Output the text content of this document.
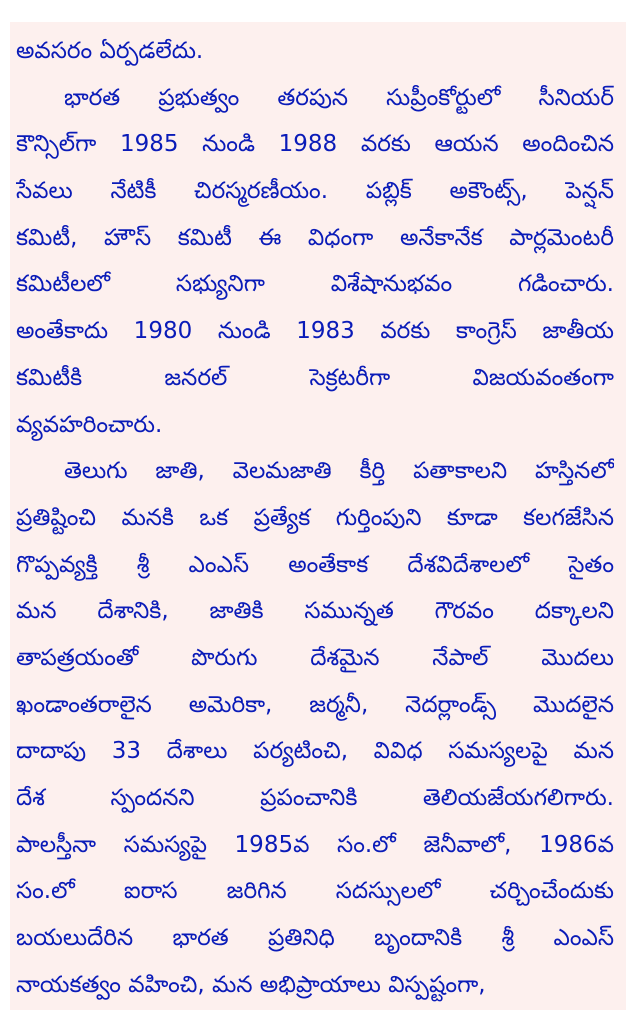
అవసరం ఏర్పడలేదు.
భారత ప్రభుత్వం తరపున సుప్రీంకోర్టులో సీనియర్
కౌన్సిల్‌గా 1985 నుండి 1988 వరకు ఆయన అందించిన
సేవలు నేటికీ చిరస్మరణీయం. పబ్లిక్ అకౌంట్స్, పెన్షన్
కమిటీ, హౌస్ కమిటీ ఈ విధంగా అనేకానేక పార్లమెంటరీ
కమిటీలలో సభ్యునిగా విశేషానుభవం గడించారు.
అంతేకాదు 1980 నుండి 1983 వరకు కాంగ్రెస్ జాతీయ
కమిటీకి జనరల్ సెక్రటరీగా విజయవంతంగా
వ్యవహరించారు.
తెలుగు జాతి, వెలమజాతి కీర్తి పతాకాలని హస్తినలో
ప్రతిష్టించి మనకి ఒక ప్రత్యేక గుర్తింపుని కూడా కలగజేసిన
గొప్పవ్యక్తి శ్రీ ఎంఎస్ అంతేకాక దేశవిదేశాలలో సైతం
మన దేశానికి, జాతికి సమున్నత గౌరవం దక్కాలని
తాపత్రయంతో పొరుగు దేశమైన నేపాల్ మొదలు
ఖండాంతరాలైన అమెరికా, జర్మనీ, నెదర్లాండ్స్ మొదలైన
దాదాపు 33 దేశాలు పర్యటించి, వివిధ సమస్యలపై మన
దేశ స్పందనని ప్రపంచానికి తెలియజేయగలిగారు.
పాలస్తీనా సమస్యపై 1985వ సం.లో జెనీవాలో, 1986వ
సం.లో ఐరాస జరిగిన సదస్సులలో చర్చించేందుకు
బయలుదేరిన భారత ప్రతినిధి బృందానికి శ్రీ ఎంఎస్
నాయకత్వం వహించి, మన అభిప్రాయాలు విస్పష్టంగా,
